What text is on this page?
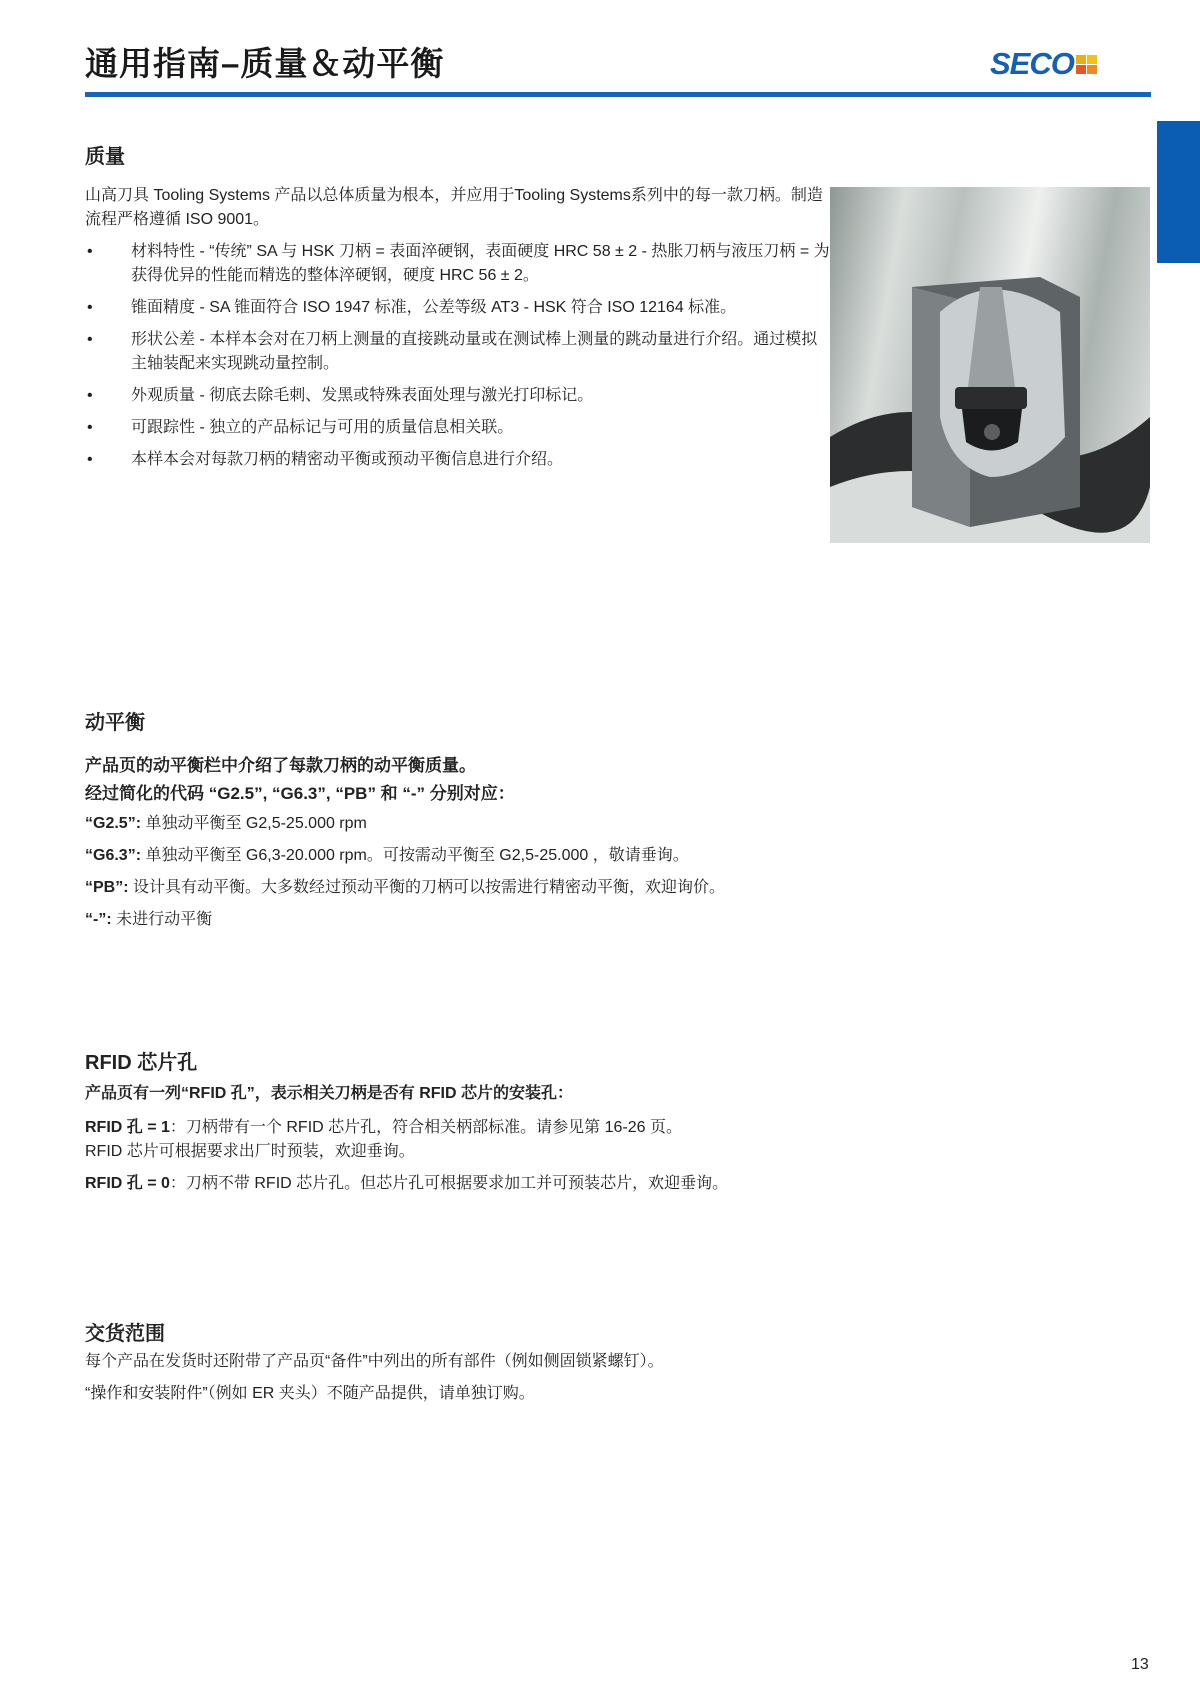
通用指南–质量＆动平衡	SECO
质量
山高刀具 Tooling Systems 产品以总体质量为根本，并应用于Tooling Systems系列中的每一款刀柄。制造流程严格遵循 ISO 9001。
• 材料特性 - “传统” SA 与 HSK 刀柄 = 表面淬硬钢，表面硬度 HRC 58 ± 2 - 热胀刀柄与液压刀柄 = 为获得优异的性能而精选的整体淬硬钢，硬度 HRC 56 ± 2。
• 锥面精度 - SA 锥面符合 ISO 1947 标准，公差等级 AT3 - HSK 符合 ISO 12164 标准。
• 形状公差 - 本样本会对在刀柄上测量的直接跳动量或在测试棒上测量的跳动量进行介绍。通过模拟主轴装配来实现跳动量控制。
• 外观质量 - 彻底去除毛刺、发黑或特殊表面处理与激光打印标记。
• 可跟踪性 - 独立的产品标记与可用的质量信息相关联。
• 本样本会对每款刀柄的精密动平衡或预动平衡信息进行介绍。
动平衡
产品页的动平衡栏中介绍了每款刀柄的动平衡质量。
经过简化的代码 “G2.5”, “G6.3”, “PB” 和 “-” 分别对应：
“G2.5”: 单独动平衡至 G2,5-25.000 rpm
“G6.3”: 单独动平衡至 G6,3-20.000 rpm。可按需动平衡至 G2,5-25.000 ，敬请垂询。
“PB”: 设计具有动平衡。大多数经过预动平衡的刀柄可以按需进行精密动平衡，欢迎询价。
“-”: 未进行动平衡
RFID 芯片孔
产品页有一列“RFID 孔”，表示相关刀柄是否有 RFID 芯片的安装孔：
RFID 孔 = 1：刀柄带有一个 RFID 芯片孔，符合相关柄部标准。请参见第 16-26 页。
RFID 芯片可根据要求出厂时预装，欢迎垂询。
RFID 孔 = 0：刀柄不带 RFID 芯片孔。但芯片孔可根据要求加工并可预装芯片，欢迎垂询。
交货范围
每个产品在发货时还附带了产品页“备件”中列出的所有部件（例如侧固锁紧螺钉）。
“操作和安装附件”（例如 ER 夹头）不随产品提供，请单独订购。
13
